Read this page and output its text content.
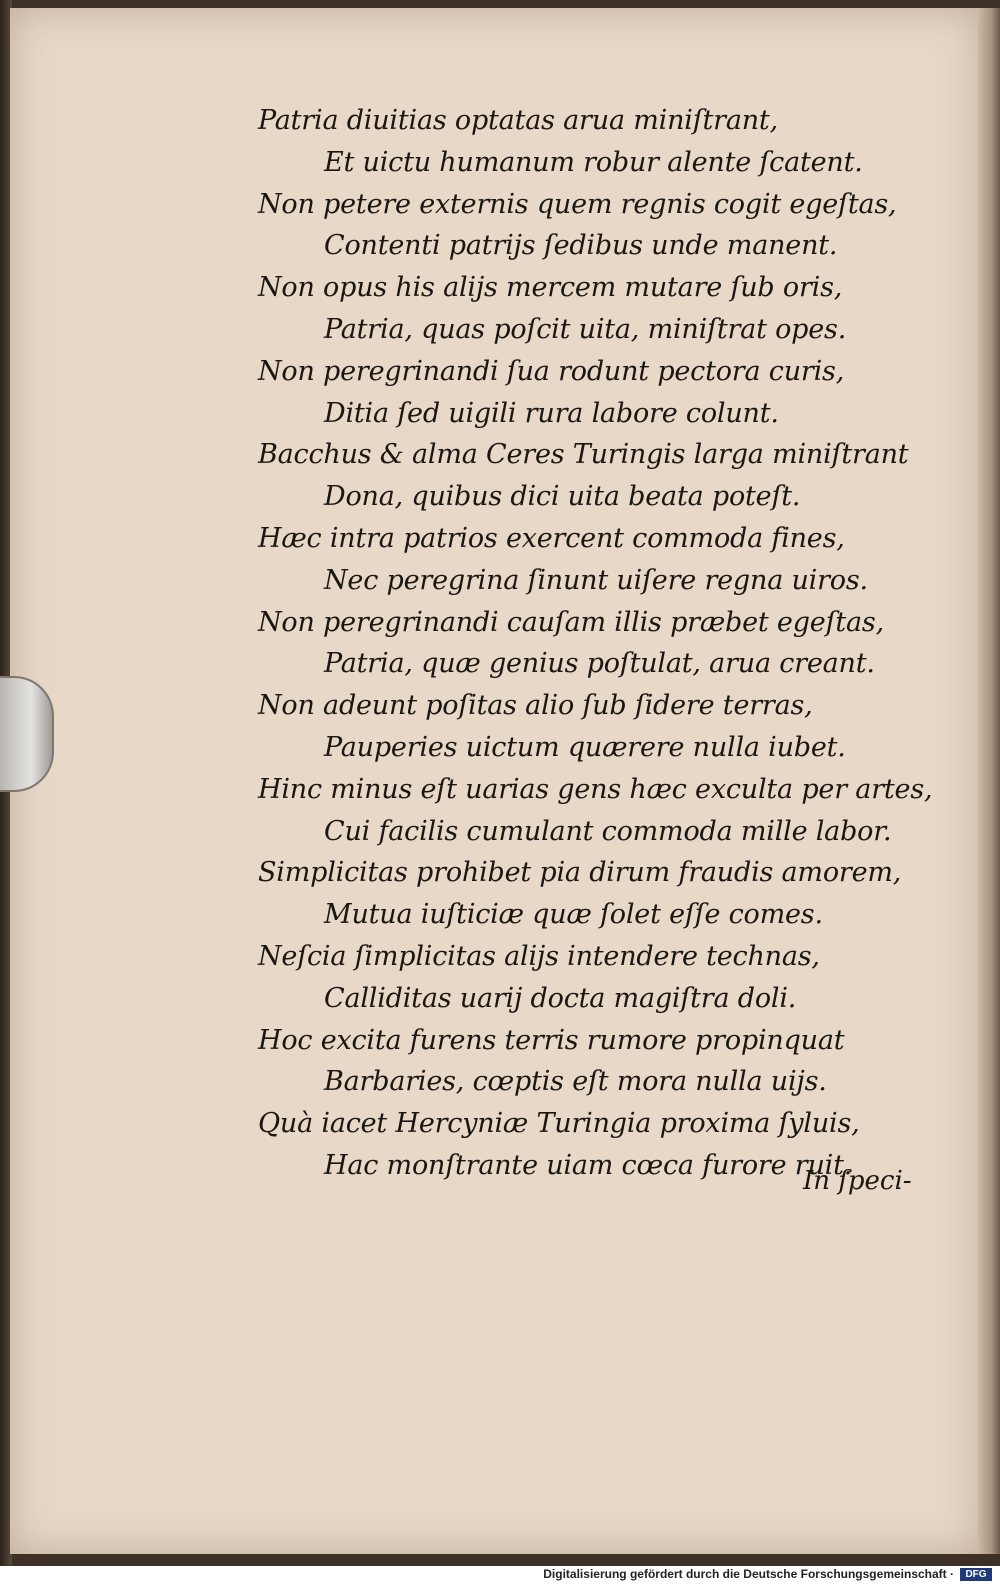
Patria diuitias optatas arua miniſtrant,
Et uictu humanum robur alente ſcatent.
Non petere externis quem regnis cogit egeſtas,
Contenti patrijs ſedibus unde manent.
Non opus his alijs mercem mutare ſub oris,
Patria, quas poſcit uita, miniſtrat opes.
Non peregrinandi ſua rodunt pectora curis,
Ditia ſed uigili rura labore colunt.
Bacchus & alma Ceres Turingis larga miniſtrant
Dona, quibus dici uita beata poteſt.
Hæc intra patrios exercent commoda fines,
Nec peregrina ſinunt uiſere regna uiros.
Non peregrinandi cauſam illis præbet egeſtas,
Patria, quæ genius poſtulat, arua creant.
Non adeunt poſitas alio ſub ſidere terras,
Pauperies uictum quærere nulla iubet.
Hinc minus eſt uarias gens hæc exculta per artes,
Cui facilis cumulant commoda mille labor.
Simplicitas prohibet pia dirum fraudis amorem,
Mutua iuſticiæ quæ ſolet eſſe comes.
Neſcia ſimplicitas alijs intendere technas,
Calliditas uarij docta magiſtra doli.
Hoc excita furens terris rumore propinquat
Barbaries, cœptis eſt mora nulla uijs.
Quà iacet Hercyniæ Turingia proxima ſyluis,
Hac monſtrante uiam cœca furore ruit.
In ſpeci-
Digitalisierung gefördert durch die Deutsche Forschungsgemeinschaft ·	DFG
